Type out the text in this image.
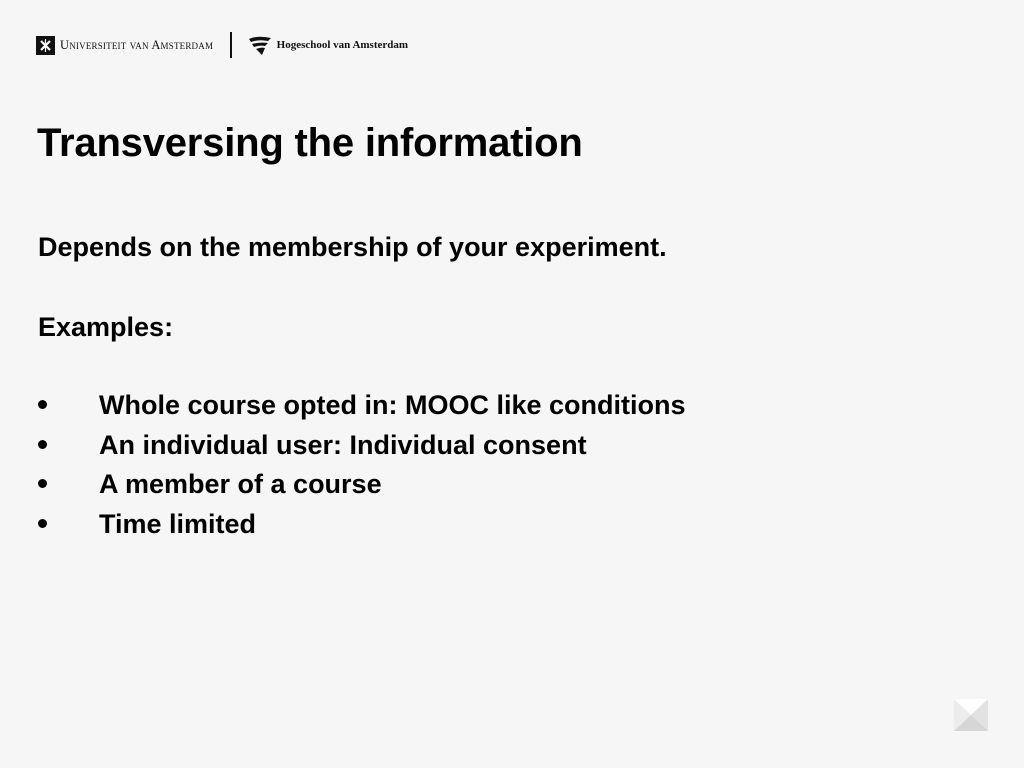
Universiteit van Amsterdam	Hogeschool van Amsterdam
Transversing the information

Depends on the membership of your experiment.

Examples:

Whole course opted in: MOOC like conditions
An individual user: Individual consent
A member of a course
Time limited
